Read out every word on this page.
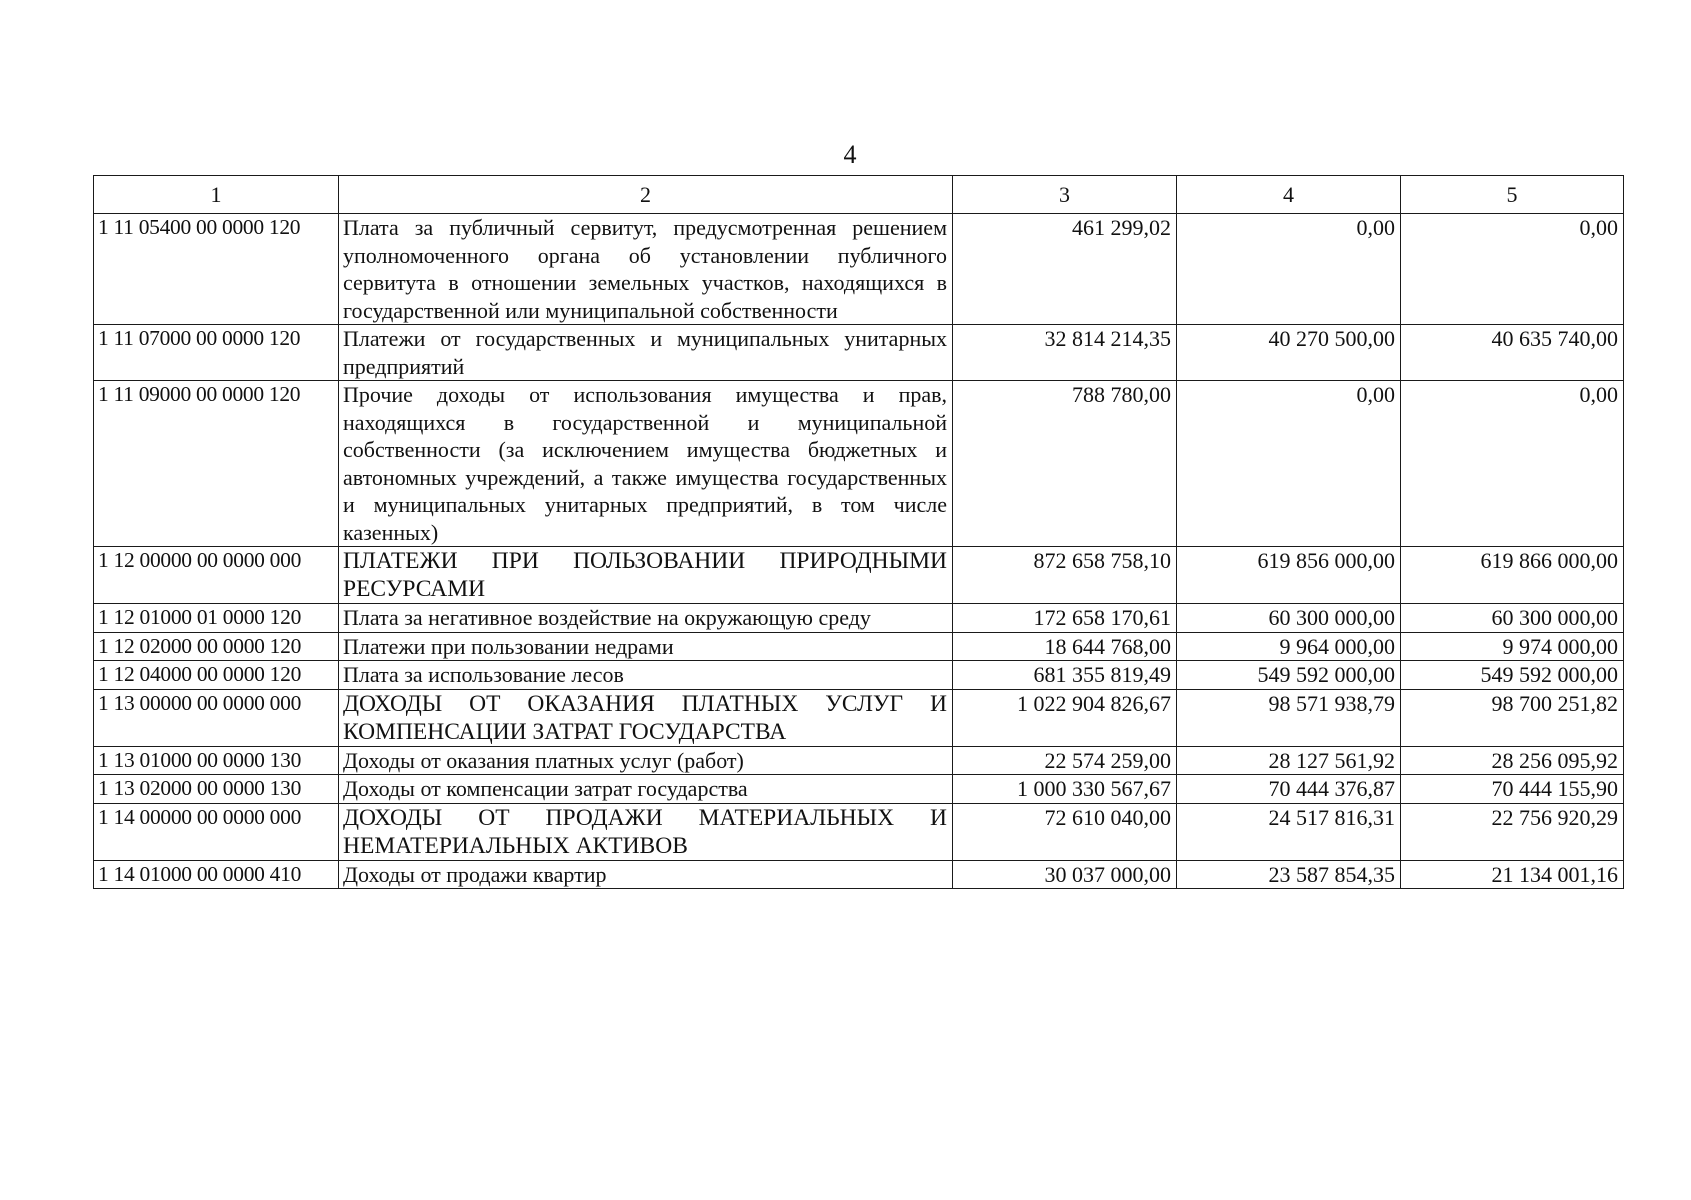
4
1	2	3	4	5
1 11 05400 00 0000 120	Плата за публичный сервитут, предусмотренная решением уполномоченного органа об установлении публичного сервитута в отношении земельных участков, находящихся в государственной или муниципальной собственности	461 299,02	0,00	0,00
1 11 07000 00 0000 120	Платежи от государственных и муниципальных унитарных предприятий	32 814 214,35	40 270 500,00	40 635 740,00
1 11 09000 00 0000 120	Прочие доходы от использования имущества и прав, находящихся в государственной и муниципальной собственности (за исключением имущества бюджетных и автономных учреждений, а также имущества государственных и муниципальных унитарных предприятий, в том числе казенных)	788 780,00	0,00	0,00
1 12 00000 00 0000 000	ПЛАТЕЖИ ПРИ ПОЛЬЗОВАНИИ ПРИРОДНЫМИ РЕСУРСАМИ	872 658 758,10	619 856 000,00	619 866 000,00
1 12 01000 01 0000 120	Плата за негативное воздействие на окружающую среду	172 658 170,61	60 300 000,00	60 300 000,00
1 12 02000 00 0000 120	Платежи при пользовании недрами	18 644 768,00	9 964 000,00	9 974 000,00
1 12 04000 00 0000 120	Плата за использование лесов	681 355 819,49	549 592 000,00	549 592 000,00
1 13 00000 00 0000 000	ДОХОДЫ ОТ ОКАЗАНИЯ ПЛАТНЫХ УСЛУГ И КОМПЕНСАЦИИ ЗАТРАТ ГОСУДАРСТВА	1 022 904 826,67	98 571 938,79	98 700 251,82
1 13 01000 00 0000 130	Доходы от оказания платных услуг (работ)	22 574 259,00	28 127 561,92	28 256 095,92
1 13 02000 00 0000 130	Доходы от компенсации затрат государства	1 000 330 567,67	70 444 376,87	70 444 155,90
1 14 00000 00 0000 000	ДОХОДЫ ОТ ПРОДАЖИ МАТЕРИАЛЬНЫХ И НЕМАТЕРИАЛЬНЫХ АКТИВОВ	72 610 040,00	24 517 816,31	22 756 920,29
1 14 01000 00 0000 410	Доходы от продажи квартир	30 037 000,00	23 587 854,35	21 134 001,16
